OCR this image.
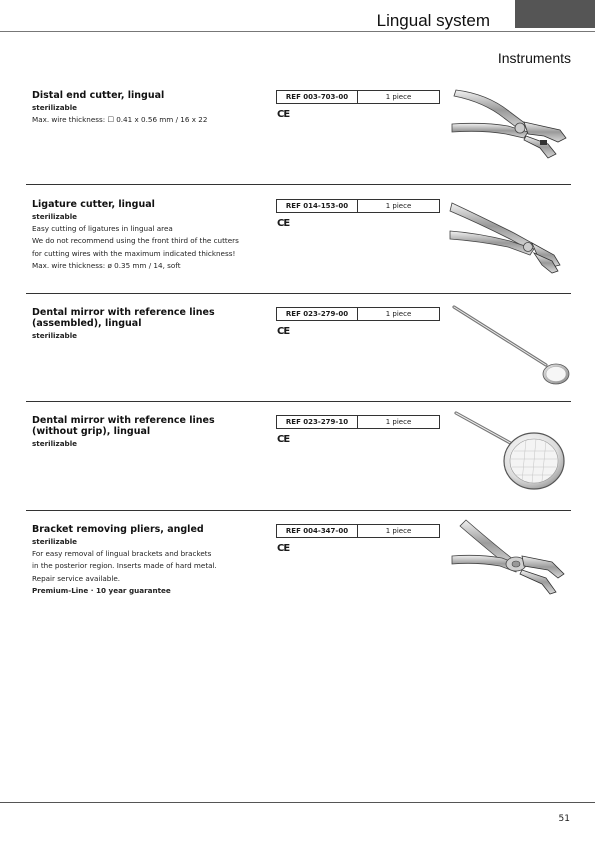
Lingual system
Instruments
Distal end cutter, lingual
sterilizable
Max. wire thickness: ☐ 0.41 x 0.56 mm / 16 x 22
REF 003-703-00	1 piece
CE
Ligature cutter, lingual
sterilizable
Easy cutting of ligatures in lingual area
We do not recommend using the front third of the cutters
for cutting wires with the maximum indicated thickness!
Max. wire thickness: ø 0.35 mm / 14, soft
REF 014-153-00	1 piece
CE
Dental mirror with reference lines
(assembled), lingual
sterilizable
REF 023-279-00	1 piece
CE
Dental mirror with reference lines
(without grip), lingual
sterilizable
REF 023-279-10	1 piece
CE
Bracket removing pliers, angled
sterilizable
For easy removal of lingual brackets and brackets
in the posterior region. Inserts made of hard metal.
Repair service available.
Premium-Line · 10 year guarantee
REF 004-347-00	1 piece
CE
51
